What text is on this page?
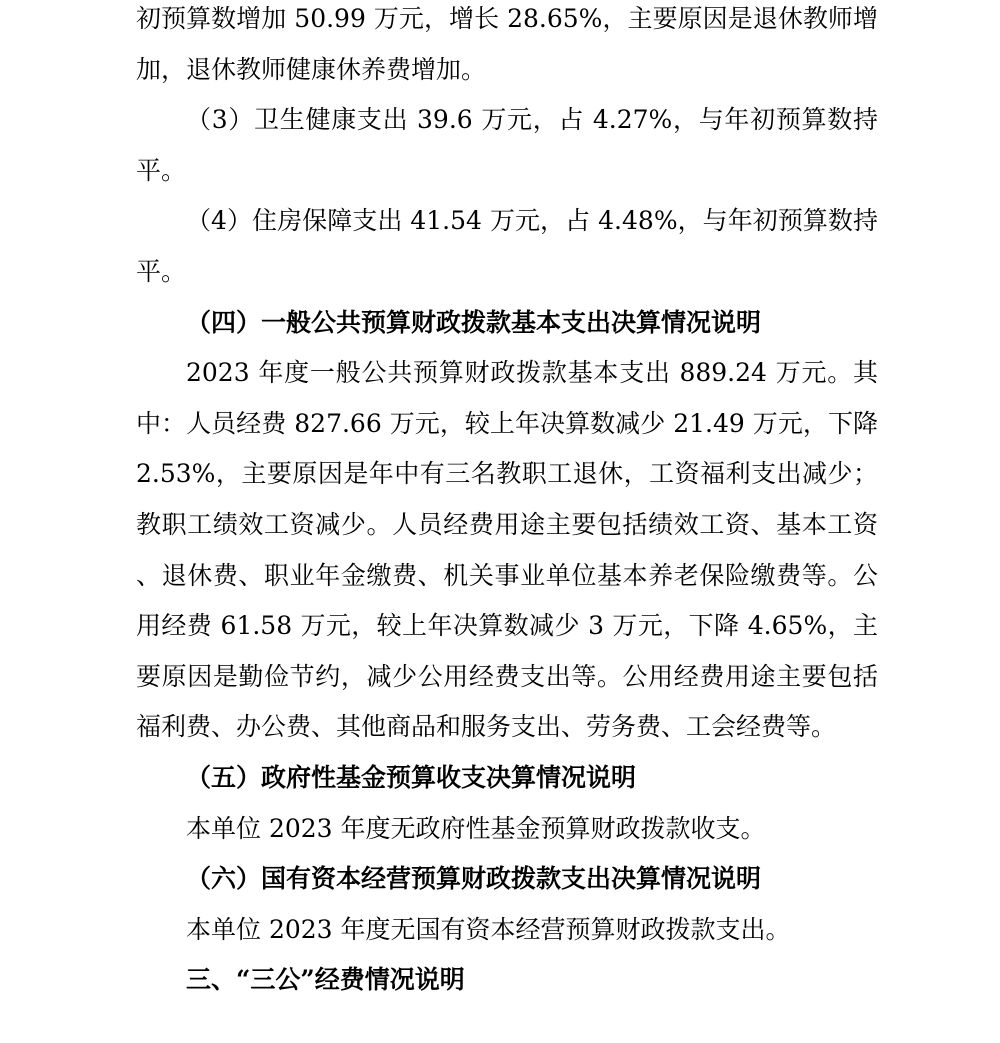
初预算数增加 50.99 万元，增长 28.65%，主要原因是退休教师增加，退休教师健康休养费增加。

（3）卫生健康支出 39.6 万元，占 4.27%，与年初预算数持平。

（4）住房保障支出 41.54 万元，占 4.48%，与年初预算数持平。

（四）一般公共预算财政拨款基本支出决算情况说明

2023 年度一般公共预算财政拨款基本支出 889.24 万元。其中：人员经费 827.66 万元，较上年决算数减少 21.49 万元，下降 2.53%，主要原因是年中有三名教职工退休，工资福利支出减少；教职工绩效工资减少。人员经费用途主要包括绩效工资、基本工资、退休费、职业年金缴费、机关事业单位基本养老保险缴费等。公用经费 61.58 万元，较上年决算数减少 3 万元，下降 4.65%，主要原因是勤俭节约，减少公用经费支出等。公用经费用途主要包括福利费、办公费、其他商品和服务支出、劳务费、工会经费等。

（五）政府性基金预算收支决算情况说明

本单位 2023 年度无政府性基金预算财政拨款收支。

（六）国有资本经营预算财政拨款支出决算情况说明

本单位 2023 年度无国有资本经营预算财政拨款支出。

三、“三公”经费情况说明
